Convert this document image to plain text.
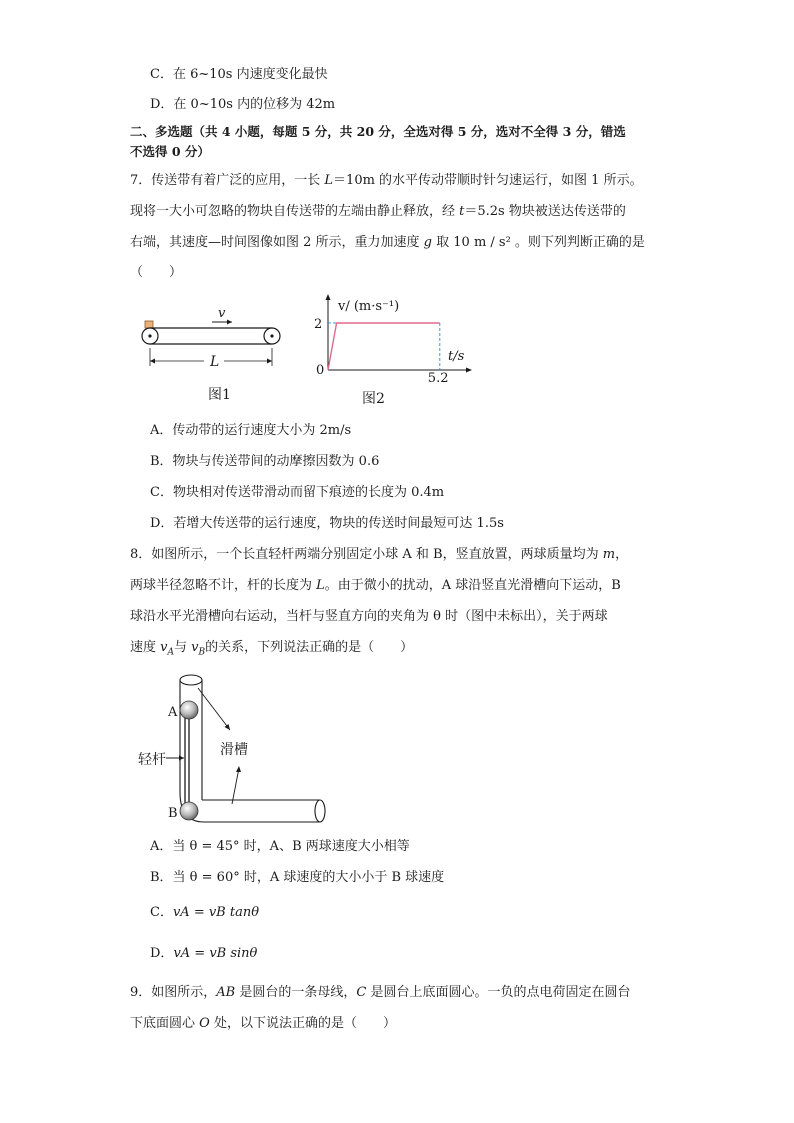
C．在 6~10s 内速度变化最快
D．在 0~10s 内的位移为 42m
二、多选题（共 4 小题，每题 5 分，共 20 分，全选对得 5 分，选对不全得 3 分，错选
不选得 0 分）
7．传送带有着广泛的应用，一长 L＝10m 的水平传动带顺时针匀速运行，如图 1 所示。
现将一大小可忽略的物块自传送带的左端由静止释放，经 t＝5.2s 物块被送达传送带的
右端，其速度—时间图像如图 2 所示，重力加速度 g 取 10 m / s² 。则下列判断正确的是
（　　）
v
L
图1
v/ (m·s⁻¹)
t/s
2
0
5.2
图2
A．传动带的运行速度大小为 2m/s
B．物块与传送带间的动摩擦因数为 0.6
C．物块相对传送带滑动而留下痕迹的长度为 0.4m
D．若增大传送带的运行速度，物块的传送时间最短可达 1.5s
8．如图所示，一个长直轻杆两端分别固定小球 A 和 B，竖直放置，两球质量均为 m，
两球半径忽略不计，杆的长度为 L。由于微小的扰动，A 球沿竖直光滑槽向下运动，B
球沿水平光滑槽向右运动，当杆与竖直方向的夹角为 θ 时（图中未标出），关于两球
速度 $v_A$与 $v_B$的关系，下列说法正确的是（　　）
A
B
轻杆
滑槽
A．当 θ = 45° 时，A、B 两球速度大小相等
B．当 θ = 60° 时，A 球速度的大小小于 B 球速度
C．vA = vB tanθ
D．vA = vB sinθ
9．如图所示，AB 是圆台的一条母线，C 是圆台上底面圆心。一负的点电荷固定在圆台
下底面圆心 O 处，以下说法正确的是（　　）
